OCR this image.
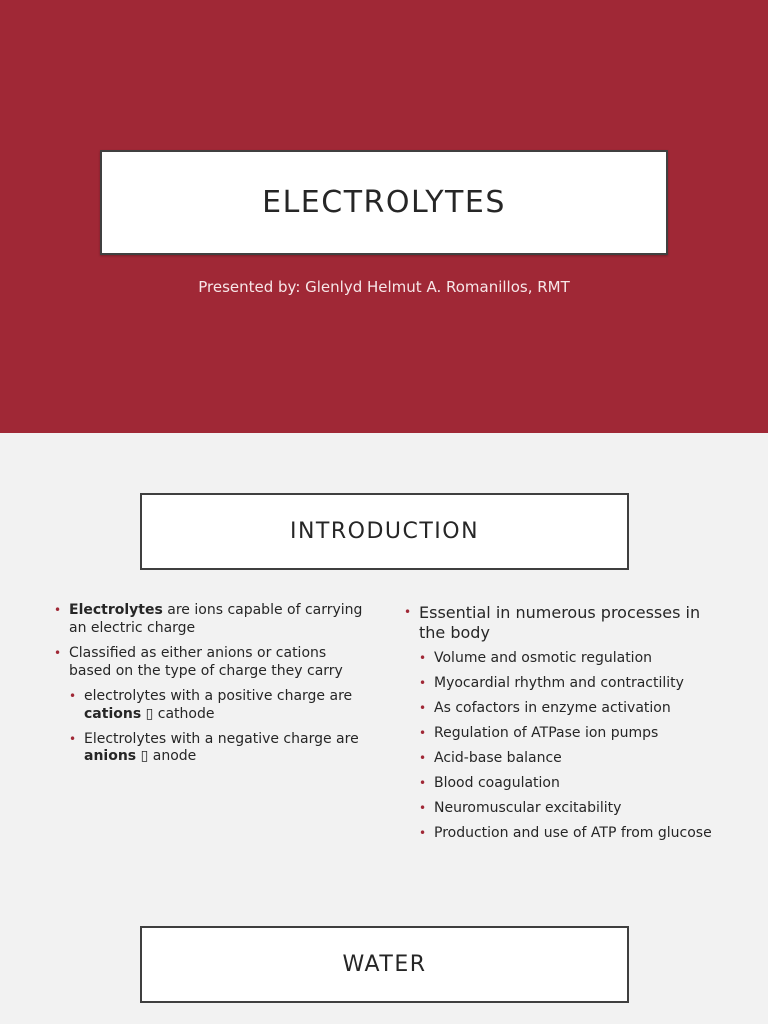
ELECTROLYTES
Presented by: Glenlyd Helmut A. Romanillos, RMT
INTRODUCTION
• Electrolytes are ions capable of carrying an electric charge
• Classified as either anions or cations based on the type of charge they carry
• electrolytes with a positive charge are cations ▯ cathode
• Electrolytes with a negative charge are anions ▯ anode
• Essential in numerous processes in the body
• Volume and osmotic regulation
• Myocardial rhythm and contractility
• As cofactors in enzyme activation
• Regulation of ATPase ion pumps
• Acid-base balance
• Blood coagulation
• Neuromuscular excitability
• Production and use of ATP from glucose
WATER
